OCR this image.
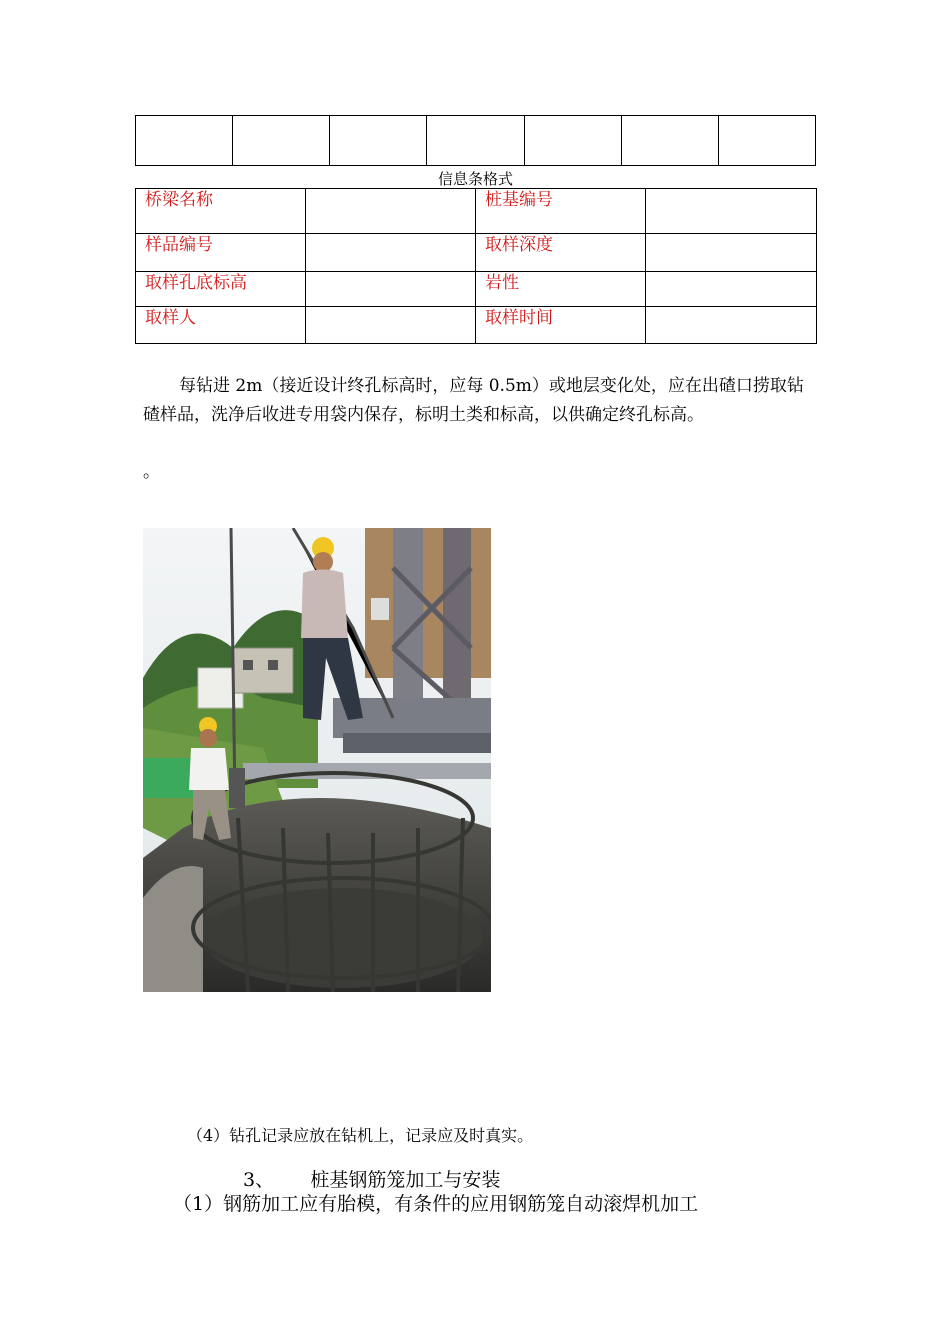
信息条格式
桥梁名称		桩基编号	
样品编号		取样深度	
取样孔底标高		岩性	
取样人		取样时间	

每钻进 2m（接近设计终孔标高时，应每 0.5m）或地层变化处，应在出碴口捞取钻碴样品，洗净后收进专用袋内保存，标明土类和标高，以供确定终孔标高。

。
（4）钻孔记录应放在钻机上，记录应及时真实。
3、      桩基钢筋笼加工与安装
（1）钢筋加工应有胎模，有条件的应用钢筋笼自动滚焊机加工
